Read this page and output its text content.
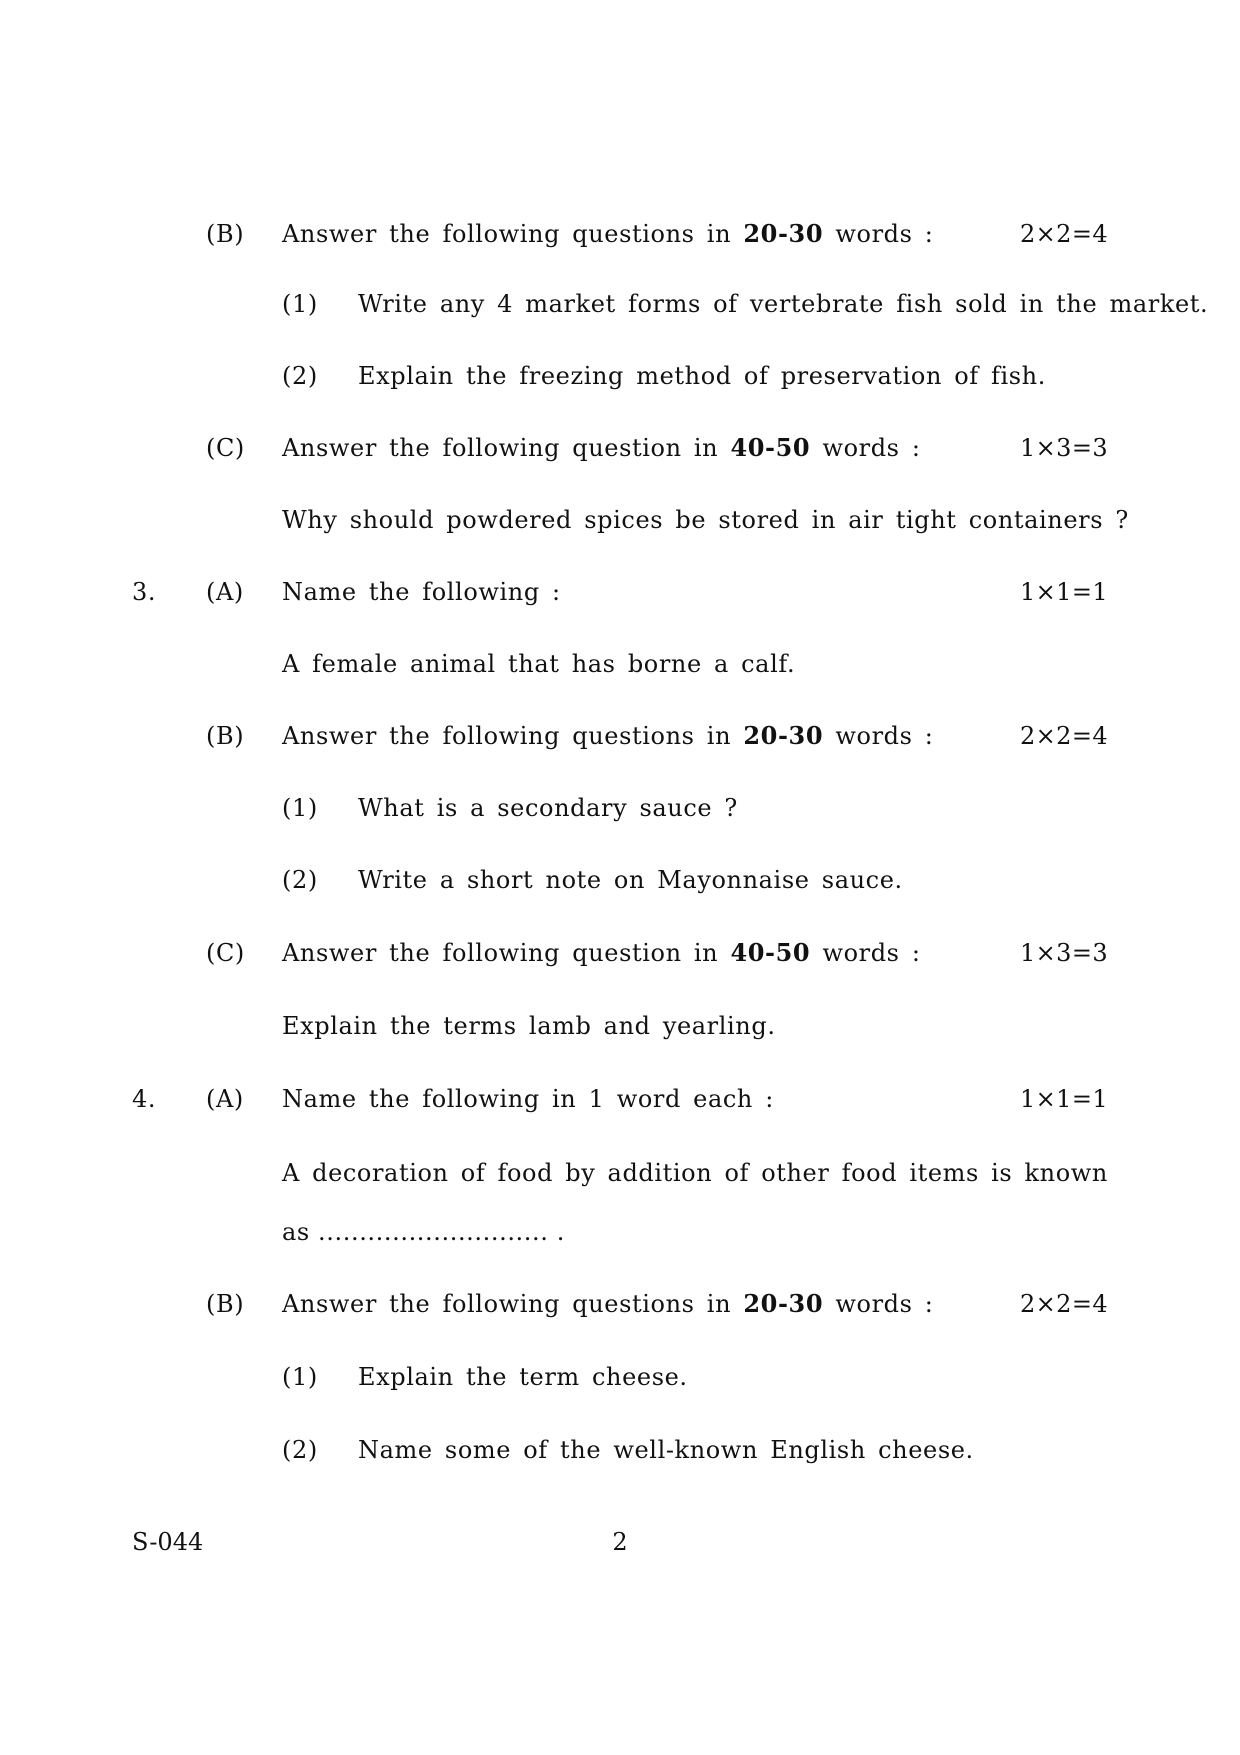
(B) Answer the following questions in 20-30 words :	2×2=4
(1) Write any 4 market forms of vertebrate fish sold in the market.
(2) Explain the freezing method of preservation of fish.
(C) Answer the following question in 40-50 words :	1×3=3
Why should powdered spices be stored in air tight containers ?
3. (A) Name the following :	1×1=1
A female animal that has borne a calf.
(B) Answer the following questions in 20-30 words :	2×2=4
(1) What is a secondary sauce ?
(2) Write a short note on Mayonnaise sauce.
(C) Answer the following question in 40-50 words :	1×3=3
Explain the terms lamb and yearling.
4. (A) Name the following in 1 word each :	1×1=1
A decoration of food by addition of other food items is known
as ............................ .
(B) Answer the following questions in 20-30 words :	2×2=4
(1) Explain the term cheese.
(2) Name some of the well-known English cheese.
S-044	2
